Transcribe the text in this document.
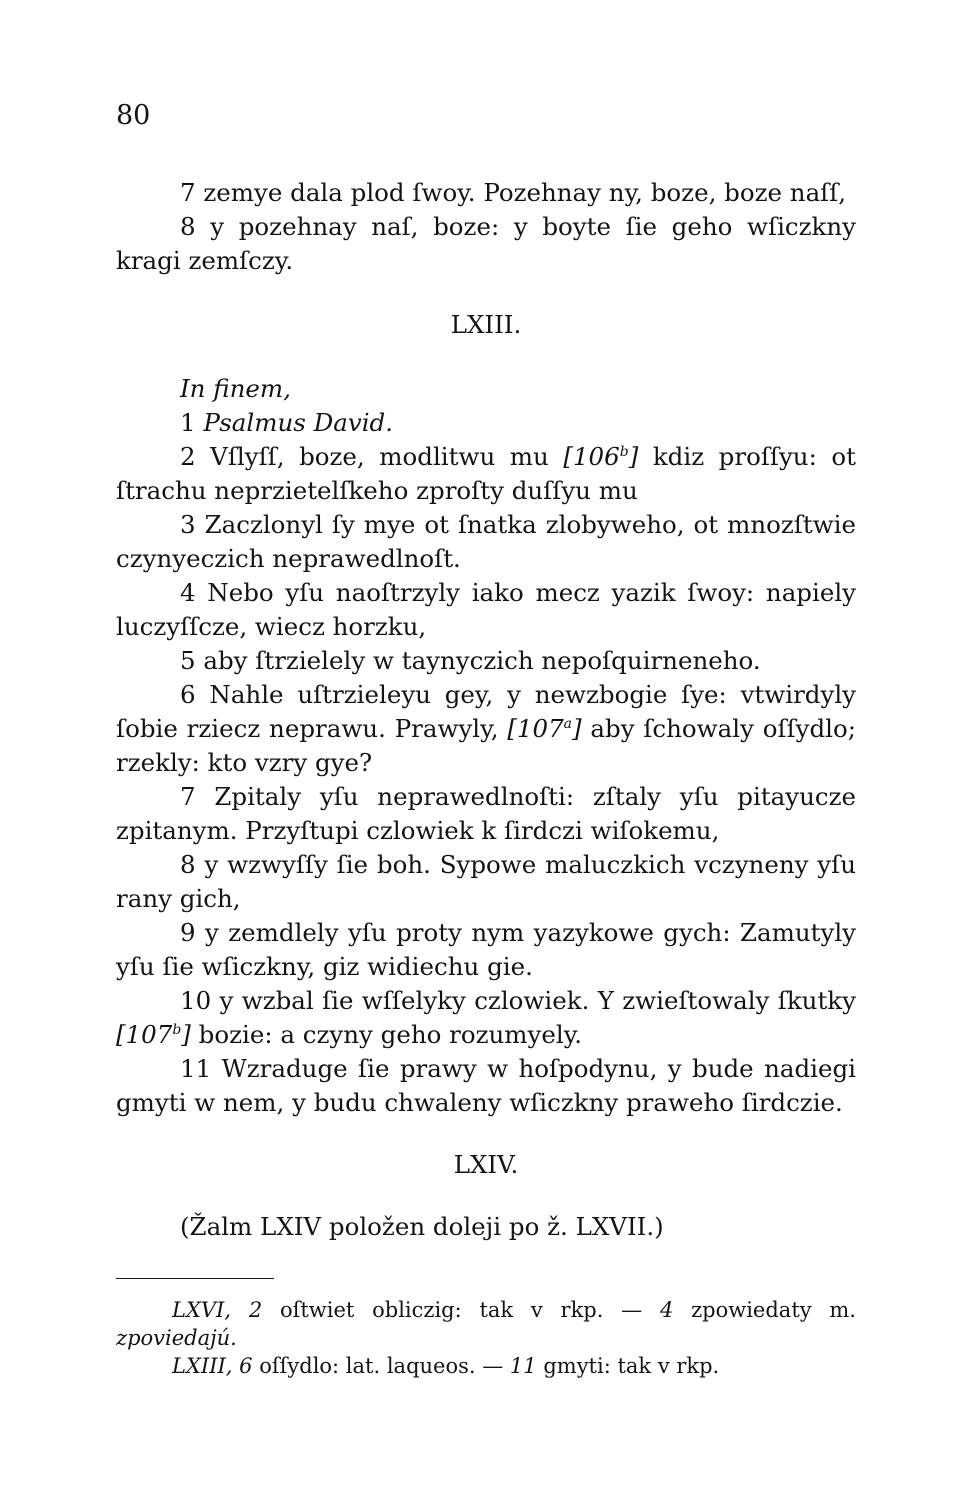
80

7 zemye dala plod ſwoy. Pozehnay ny, boze, boze naſſ,

8 y pozehnay naſ, boze: y boyte ſie geho wſiczkny kragi zemſczy.

LXIII.

In finem,

1 Psalmus David.

2 Vſlyſſ, boze, modlitwu mu [106$^b$] kdiz proſſyu: ot ſtrachu neprzietelſkeho zproſty duſſyu mu

3 Zaczlonyl ſy mye ot ſnatka zlobyweho, ot mnozſtwie czynyeczich neprawedlnoſt.

4 Nebo yſu naoſtrzyly iako mecz yazik ſwoy: napiely luczyſſcze, wiecz horzku,

5 aby ſtrzielely w taynyczich nepoſquirneneho.

6 Nahle uſtrzieleyu gey, y newzbogie ſye: vtwirdyly ſobie rziecz neprawu. Prawyly, [107$^a$] aby ſchowaly oſſydlo; rzekly: kto vzry gye?

7 Zpitaly yſu neprawedlnoſti: zſtaly yſu pitayucze zpitanym. Przyſtupi czlowiek k ſirdczi wiſokemu,

8 y wzwyſſy ſie boh. Sypowe maluczkich vczyneny yſu rany gich,

9 y zemdlely yſu proty nym yazykowe gych: Zamutyly yſu ſie wſiczkny, giz widiechu gie.

10 y wzbal ſie wſſelyky czlowiek. Y zwieſtowaly ſkutky [107$^b$] bozie: a czyny geho rozumyely.

11 Wzraduge ſie prawy w hoſpodynu, y bude nadiegi gmyti w nem, y budu chwaleny wſiczkny praweho ſirdczie.

LXIV.

(Žalm LXIV položen doleji po ž. LXVII.)

LXVI, 2 oſtwiet obliczig: tak v rkp. — 4 zpowiedaty m. zpoviedajú.

LXIII, 6 oſſydlo: lat. laqueos. — 11 gmyti: tak v rkp.
